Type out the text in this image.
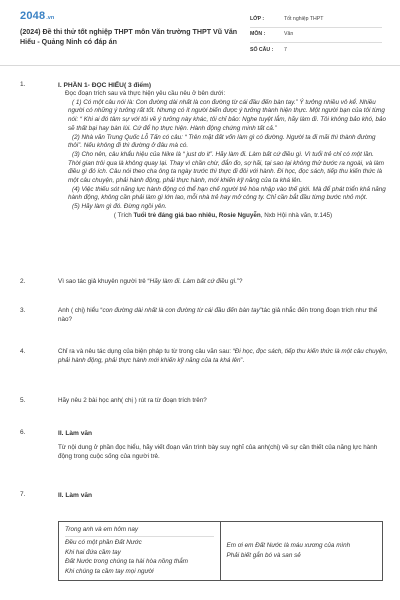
2048 .vn
(2024) Đề thi thử tốt nghiệp THPT môn Văn trường THPT Vũ Văn Hiếu - Quảng Ninh có đáp án
LỚP :	Tốt nghiệp THPT
MÔN :	Văn
SỐ CÂU :	7
1.	I. PHẦN 1- ĐỌC HIỂU( 3 điểm)
Đọc đoạn trích sau và thực hiện yêu cầu nêu ở bên dưới:
( 1) Có một câu nói là: Con đường dài nhất là con đường từ cái đầu đến bàn tay.” Ý tưởng nhiều vô kể. Nhiều người có những ý tưởng rất tốt. Nhưng có ít người biến được ý tưởng thành hiện thực. Một người bạn của tôi từng nói: “ Khi ai đó tâm sự với tôi về ý tưởng này khác, tôi chỉ bảo: Nghe tuyệt lắm, hãy làm đi. Tôi không bảo khó, bảo sẽ thất bại hay bàn lùi. Cứ để họ thực hiện. Hành động chứng minh tất cả.”
(2) Nhà văn Trung Quốc Lỗ Tấn có câu: “ Trên mặt đất vốn làm gì có đường. Người ta đi mãi thì thành đường thôi”. Nếu không đi thì đường ở đâu mà có.
(3) Cho nên, câu khẩu hiệu của Nike là “ just do it”. Hãy làm đi. Làm bất cứ điều gì. Vì tuổi trẻ chỉ có một lần. Thời gian trôi qua là không quay lại. Thay vì chần chừ, đắn đo, sợ hãi, tại sao lại không thử bước ra ngoài, và làm điều gì đó ích. Câu nói theo cha ông ta ngày trước thì thực đi đôi với hành. Đi học, đọc sách, tiếp thu kiến thức là một câu chuyện, phải hành động, phải thực hành, mới khiến kỹ năng của ta khá lên.
(4) Việc thiếu sót năng lực hành động có thể hạn chế người trẻ hòa nhập vào thế giới. Mà để phát triển khả năng hành động, không cần phải làm gì lớn lao, mỗi nhà trẻ hay mở công ty. Chỉ cần bắt đầu từng bước nhỏ một.
(5) Hãy làm gì đó. Đừng ngồi yên.
( Trích Tuổi trẻ đáng giá bao nhiêu, Rosie Nguyễn, Nxb Hội nhà văn, tr.145)
2.	Vì sao tác giả khuyên người trẻ “Hãy làm đi. Làm bất cứ điều gì.”?
3.	Anh ( chị) hiểu “con đường dài nhất là con đường từ cái đầu đến bàn tay”tác giả nhắc đến trong đoạn trích như thế nào?
4.	Chỉ ra và nêu tác dụng của biện pháp tu từ trong câu văn sau: “Đi học, đọc sách, tiếp thu kiến thức là một câu chuyện, phải hành động, phải thực hành mới khiến kỹ năng của ta khá lên”.
5.	Hãy nêu 2 bài học anh( chị ) rút ra từ đoạn trích trên?
6.	II. Làm văn
Từ nội dung ở phần đọc hiểu, hãy viết đoạn văn trình bày suy nghĩ của anh(chị) về sự cần thiết của năng lực hành động trong cuộc sống của người trẻ.
7.	II. Làm văn
Trong anh và em hôm nay
Đều có một phần Đất Nước
Khi hai đứa cầm tay
Đất Nước trong chúng ta hài hòa nồng thắm
Khi chúng ta cầm tay mọi người
Em ơi em Đất Nước là máu xương của mình
Phải biết gắn bó và san sẻ
